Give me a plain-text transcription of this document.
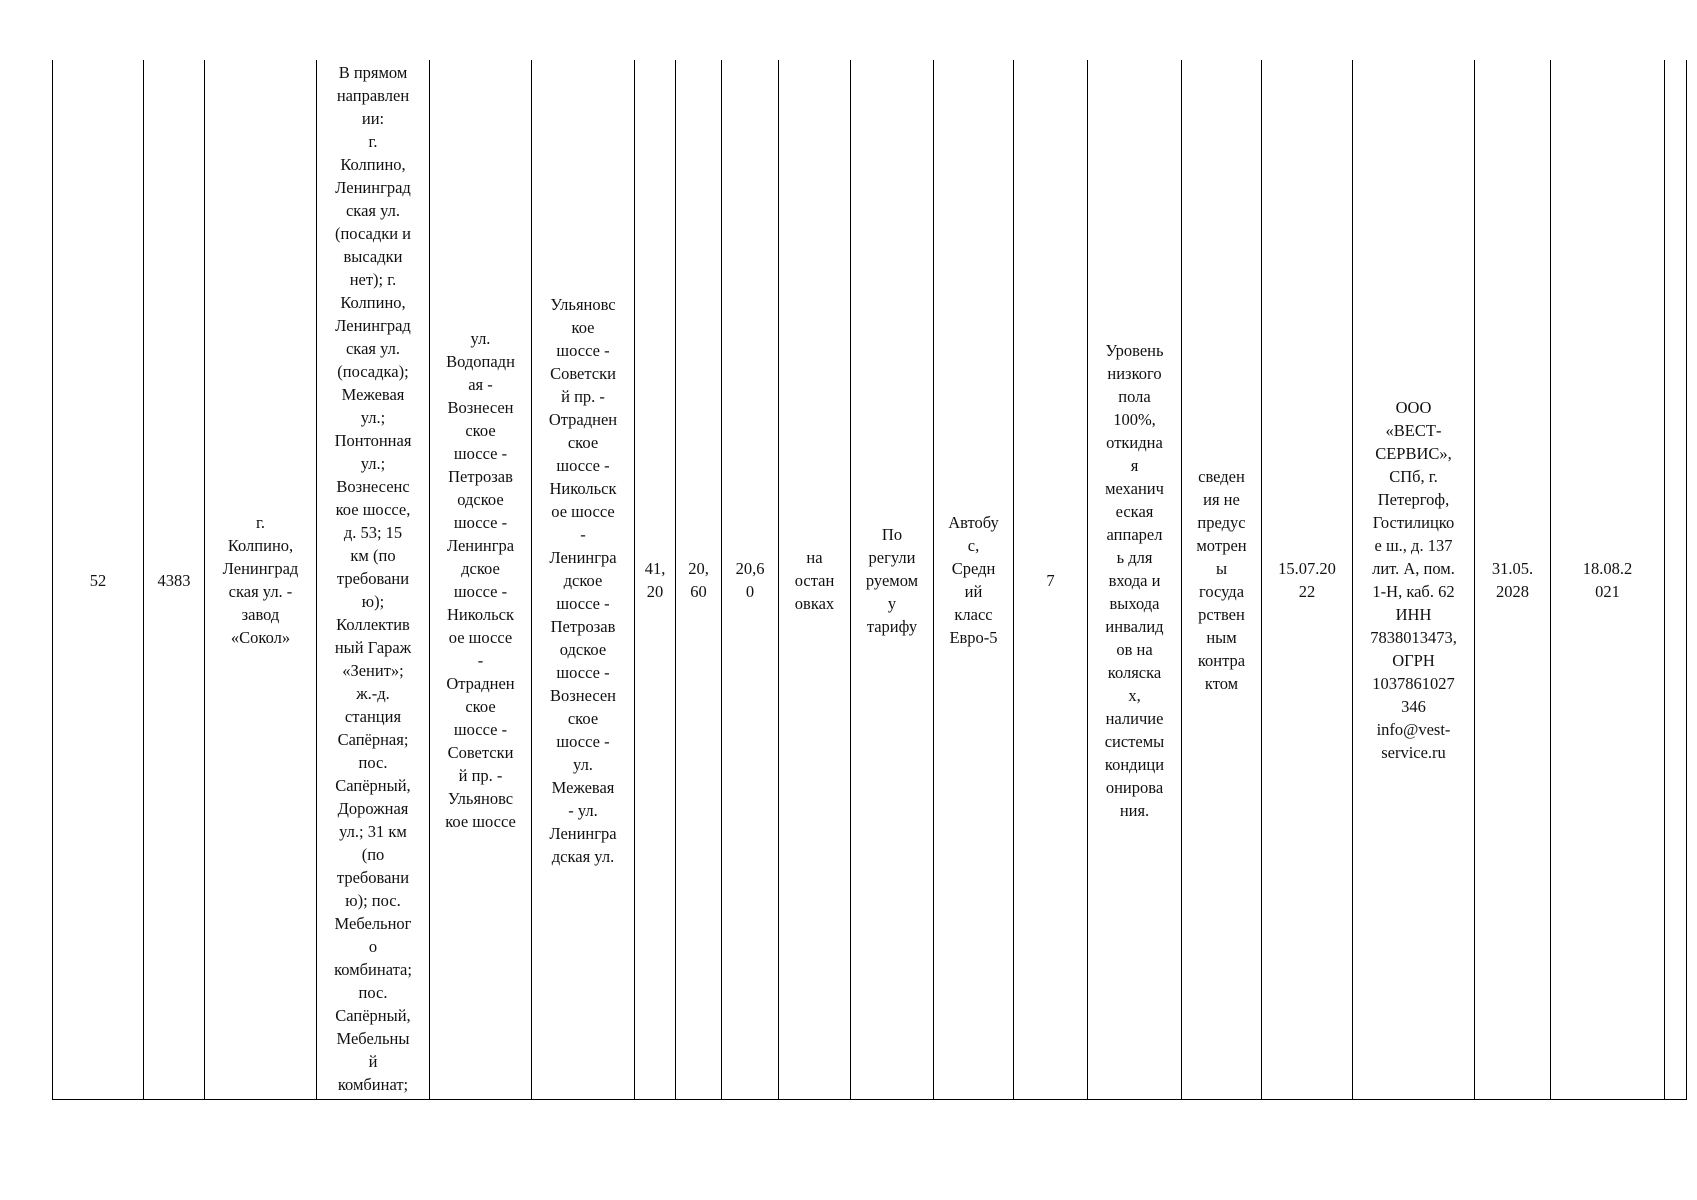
52	4383	г.
Колпино,
Ленинград
ская ул. -
завод
«Сокол»	В прямом
направлен
ии:
г.
Колпино,
Ленинград
ская ул.
(посадки и
высадки
нет); г.
Колпино,
Ленинград
ская ул.
(посадка);
Межевая
ул.;
Понтонная
ул.;
Вознесенс
кое шоссе,
д. 53; 15
км (по
требовани
ю);
Коллектив
ный Гараж
«Зенит»;
ж.-д.
станция
Сапёрная;
пос.
Сапёрный,
Дорожная
ул.; 31 км
(по
требовани
ю); пос.
Мебельног
о
комбината;
пос.
Сапёрный,
Мебельны
й
комбинат;	ул.
Водопадн
ая -
Вознесен
ское
шоссе -
Петрозав
одское
шоссе -
Ленингра
дское
шоссе -
Никольск
ое шоссе
-
Отраднен
ское
шоссе -
Советски
й пр. -
Ульяновс
кое шоссе	Ульяновс
кое
шоссе -
Советски
й пр. -
Отраднен
ское
шоссе -
Никольск
ое шоссе
-
Ленингра
дское
шоссе -
Петрозав
одское
шоссе -
Вознесен
ское
шоссе -
ул.
Межевая
- ул.
Ленингра
дская ул.	41,
20	20,
60	20,6
0	на
остан
овках	По
регули
руемом
у
тарифу	Автобу
с,
Средн
ий
класс
Евро-5	7	Уровень
низкого
пола
100%,
откидна
я
механич
еская
аппарел
ь для
входа и
выхода
инвалид
ов на
коляска
х,
наличие
системы
кондици
онирова
ния.	сведен
ия не
предус
мотрен
ы
госуда
рствен
ным
контра
ктом	15.07.20
22	ООО
«ВЕСТ-
СЕРВИС»,
СПб, г.
Петергоф,
Гостилицко
е ш., д. 137
лит. А, пом.
1-Н, каб. 62
ИНН
7838013473,
ОГРН
1037861027
346
info@vest-
service.ru	31.05.
2028	18.08.2
021	
